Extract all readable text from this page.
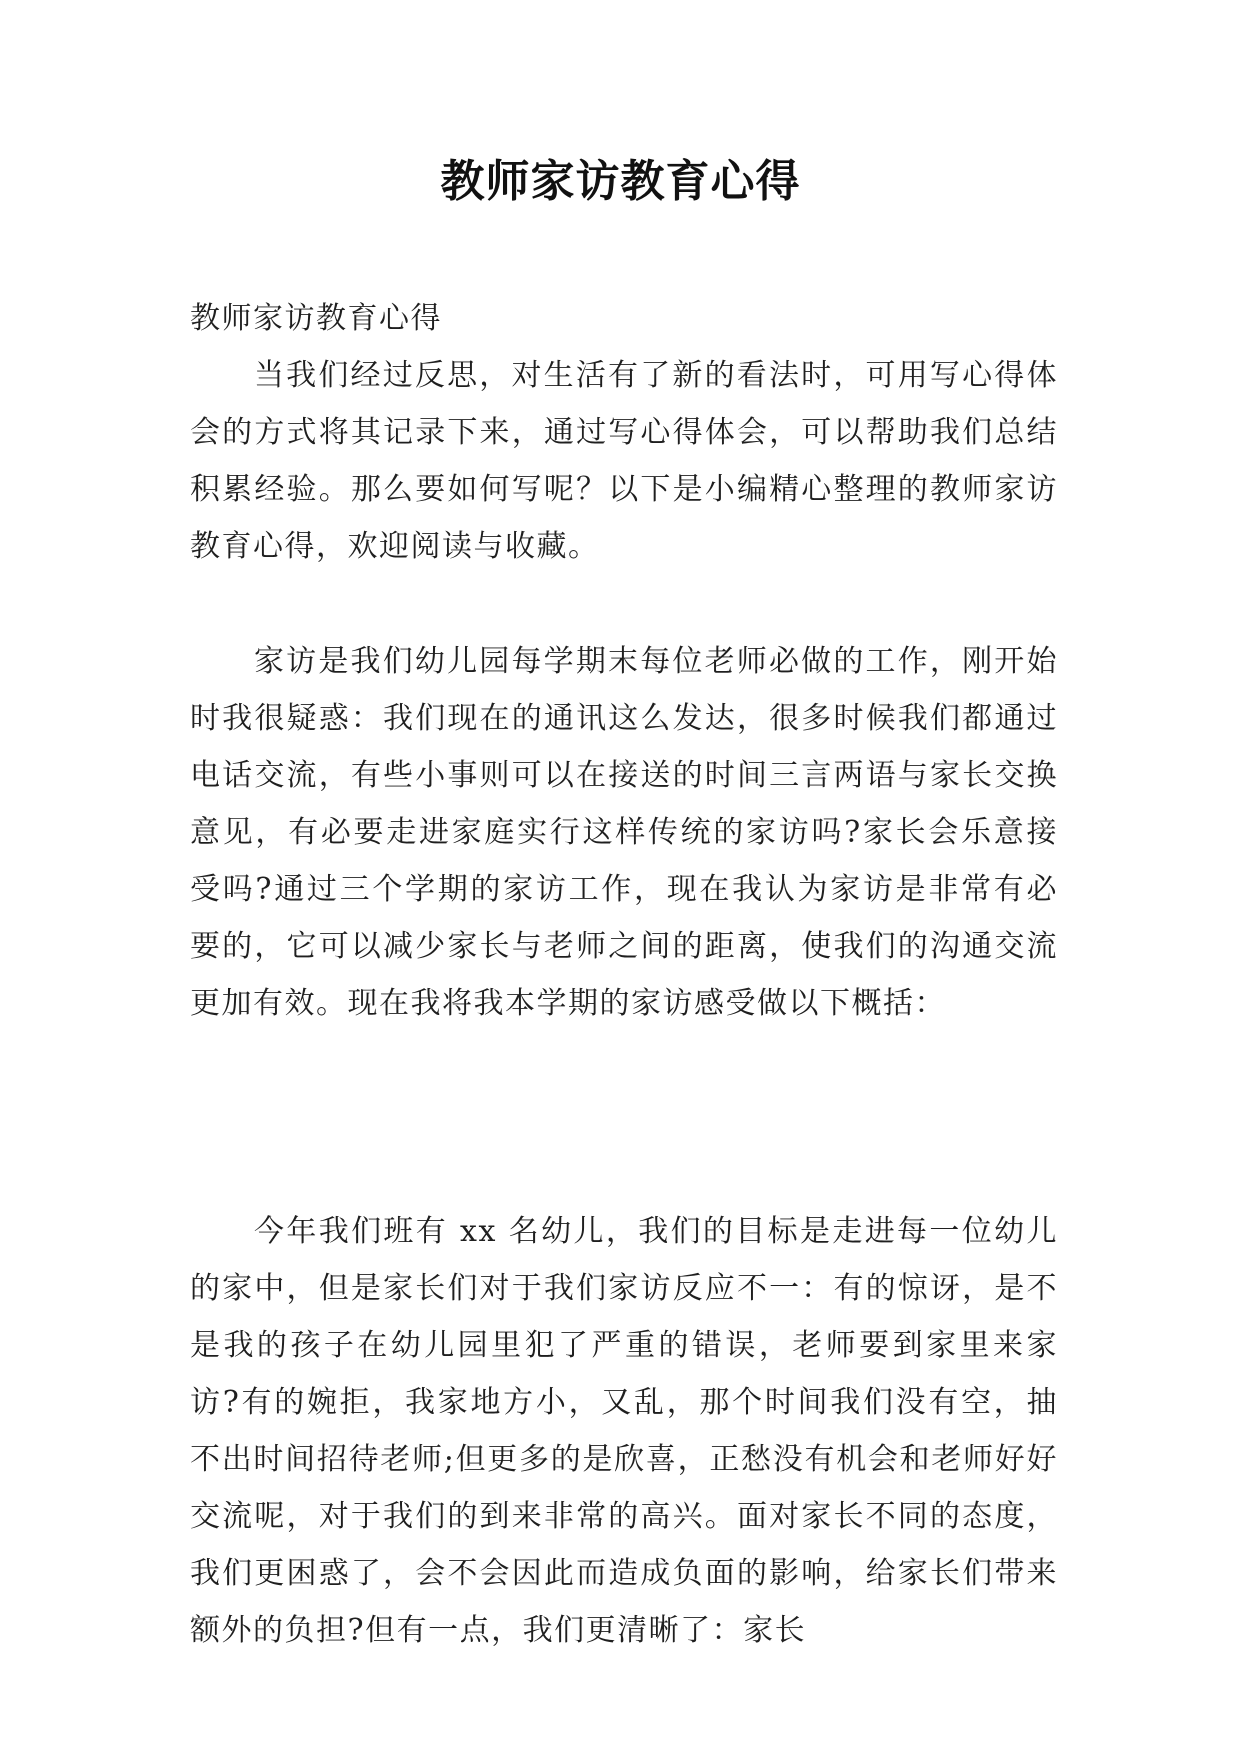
教师家访教育心得
教师家访教育心得

当我们经过反思，对生活有了新的看法时，可用写心得体会的方式将其记录下来，通过写心得体会，可以帮助我们总结积累经验。那么要如何写呢？以下是小编精心整理的教师家访教育心得，欢迎阅读与收藏。

家访是我们幼儿园每学期末每位老师必做的工作，刚开始时我很疑惑：我们现在的通讯这么发达，很多时候我们都通过电话交流，有些小事则可以在接送的时间三言两语与家长交换意见，有必要走进家庭实行这样传统的家访吗?家长会乐意接受吗?通过三个学期的家访工作，现在我认为家访是非常有必要的，它可以减少家长与老师之间的距离，使我们的沟通交流更加有效。现在我将我本学期的家访感受做以下概括：

今年我们班有 xx 名幼儿，我们的目标是走进每一位幼儿的家中，但是家长们对于我们家访反应不一：有的惊讶，是不是我的孩子在幼儿园里犯了严重的错误，老师要到家里来家访?有的婉拒，我家地方小，又乱，那个时间我们没有空，抽不出时间招待老师;但更多的是欣喜，正愁没有机会和老师好好交流呢，对于我们的到来非常的高兴。面对家长不同的态度，我们更困惑了，会不会因此而造成负面的影响，给家长们带来额外的负担?但有一点，我们更清晰了：家长
